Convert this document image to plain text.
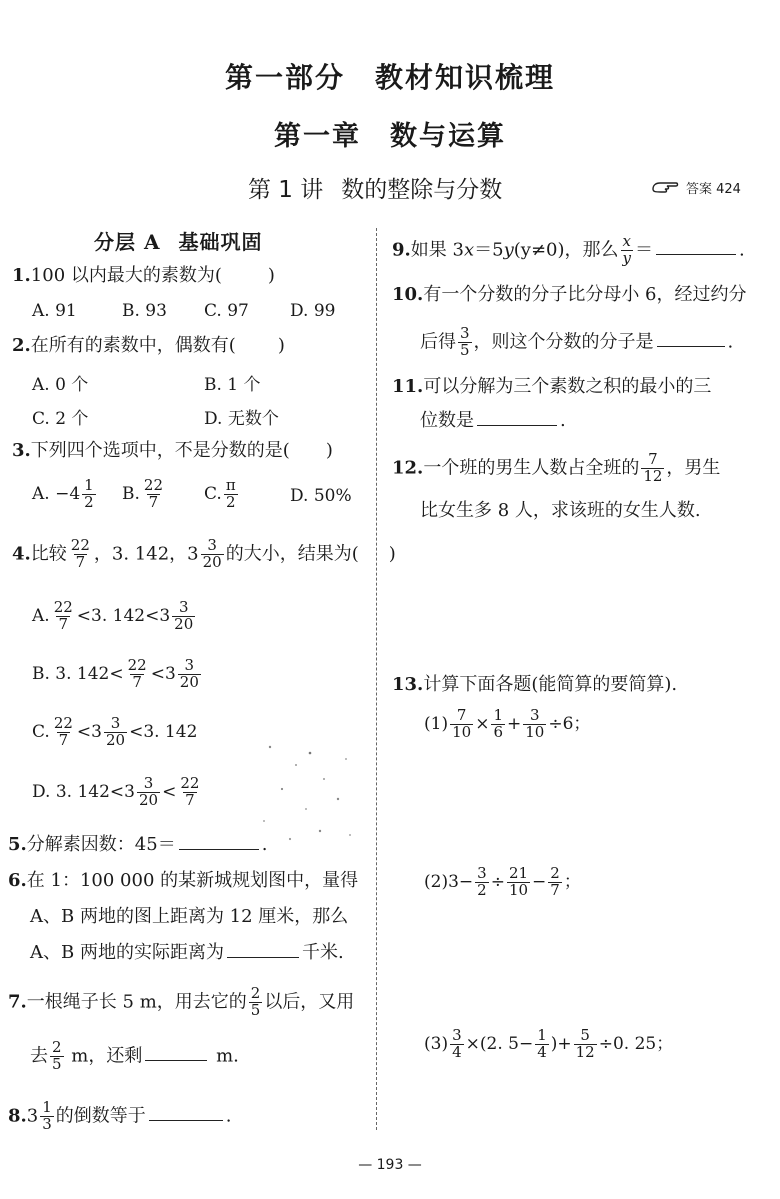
第一部分　教材知识梳理
第一章　数与运算
第 1 讲 数的整除与分数	答案 424
分层 A 基础巩固
1.100 以内最大的素数为(	)
A. 91	B. 93 C. 97 D. 99
2.在所有的素数中，偶数有( )
A. 0 个	B. 1 个
C. 2 个	D. 无数个
3.下列四个选项中，不是分数的是( )
A. $-4 \frac{1}{2} B$. $\frac{22}{7} C$. $\frac{\pi}{2}$	D. 50%
4.比较 $\frac{22}{7}$ ，3. 142，$3 \frac{3}{20}$ 的大小，结果为( )
A. $\frac{22}{7} <3$. $142<3 \frac{3}{20}$
B. 3. $142< \frac{22}{7} <3 \frac{3}{20}$
C. $\frac{22}{7} <3 \frac{3}{20} <3$. 142
D. 3. $142<3 \frac{3}{20} < \frac{22}{7}$
5.分解素因数：45＝	.
6.在 1：100 000 的某新城规划图中，量得
A、B 两地的图上距离为 12 厘米，那么
A、B 两地的实际距离为	千米.
7.一根绳子长 5 m，用去它的 $\frac{2}{5}$ 以后，又用
去 $\frac{2}{5}$ m，还剩	m.
$8.3 \frac{1}{3}$ 的倒数等于	.
9.如果 3x＝5y(y≠0)，那么 $\frac{x}{y}$ ＝	.
10.有一个分数的分子比分母小 6，经过约分
后得 $\frac{3}{5}$ ，则这个分数的分子是	.
11.可以分解为三个素数之积的最小的三
位数是	.
12.一个班的男生人数占全班的 $\frac{7}{12}$ ，男生
比女生多 8 人，求该班的女生人数.
13.计算下面各题(能简算的要简算).
$(1) \frac{7}{10} \times \frac{1}{6} + \frac{3}{10} \div 6$；
$(2)3- \frac{3}{2} \div \frac{21}{10} - \frac{2}{7}$ ；
$(3) \frac{3}{4} \times(2$. $5- \frac{1}{4}$ )+ $\frac{5}{12} \div 0$. 25；
— 193 —
